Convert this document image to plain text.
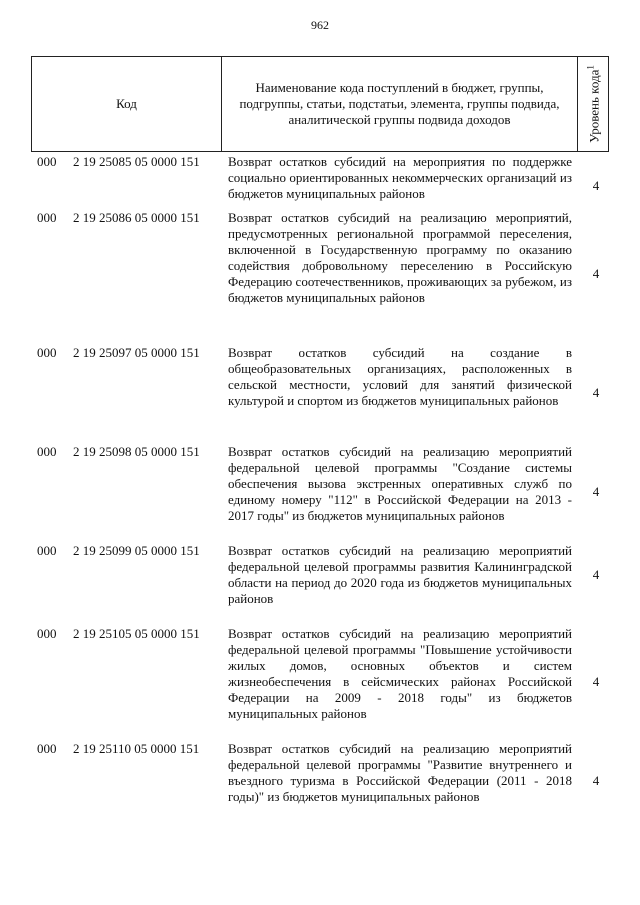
962
Код
Наименование кода поступлений в бюджет, группы, подгруппы, статьи, подстатьи, элемента, группы подвида, аналитической группы подвида доходов	Уровень кода$^1$
000 2 19 25085 05 0000 151 Возврат остатков субсидий на мероприятия по поддержке социально ориентированных некоммерческих организаций из бюджетов муниципальных районов
4
000 2 19 25086 05 0000 151 Возврат остатков субсидий на реализацию мероприятий, предусмотренных региональной программой переселения, включенной в Государственную программу по оказанию содействия добровольному переселению в Российскую Федерацию соотечественников, проживающих за рубежом, из бюджетов муниципальных районов
4
000 2 19 25097 05 0000 151 Возврат остатков субсидий на создание в общеобразовательных организациях, расположенных в сельской местности, условий для занятий физической культурой и спортом из бюджетов муниципальных районов
4
000 2 19 25098 05 0000 151 Возврат остатков субсидий на реализацию мероприятий федеральной целевой программы "Создание системы обеспечения вызова экстренных оперативных служб по единому номеру "112" в Российской Федерации на 2013 - 2017 годы" из бюджетов муниципальных районов
4
000 2 19 25099 05 0000 151 Возврат остатков субсидий на реализацию мероприятий федеральной целевой программы развития Калининградской области на период до 2020 года из бюджетов муниципальных районов
4
000 2 19 25105 05 0000 151 Возврат остатков субсидий на реализацию мероприятий федеральной целевой программы "Повышение устойчивости жилых домов, основных объектов и систем жизнеобеспечения в сейсмических районах Российской Федерации на 2009 - 2018 годы" из бюджетов муниципальных районов
4
000 2 19 25110 05 0000 151 Возврат остатков субсидий на реализацию мероприятий федеральной целевой программы "Развитие внутреннего и въездного туризма в Российской Федерации (2011 - 2018 годы)" из бюджетов муниципальных районов
4
